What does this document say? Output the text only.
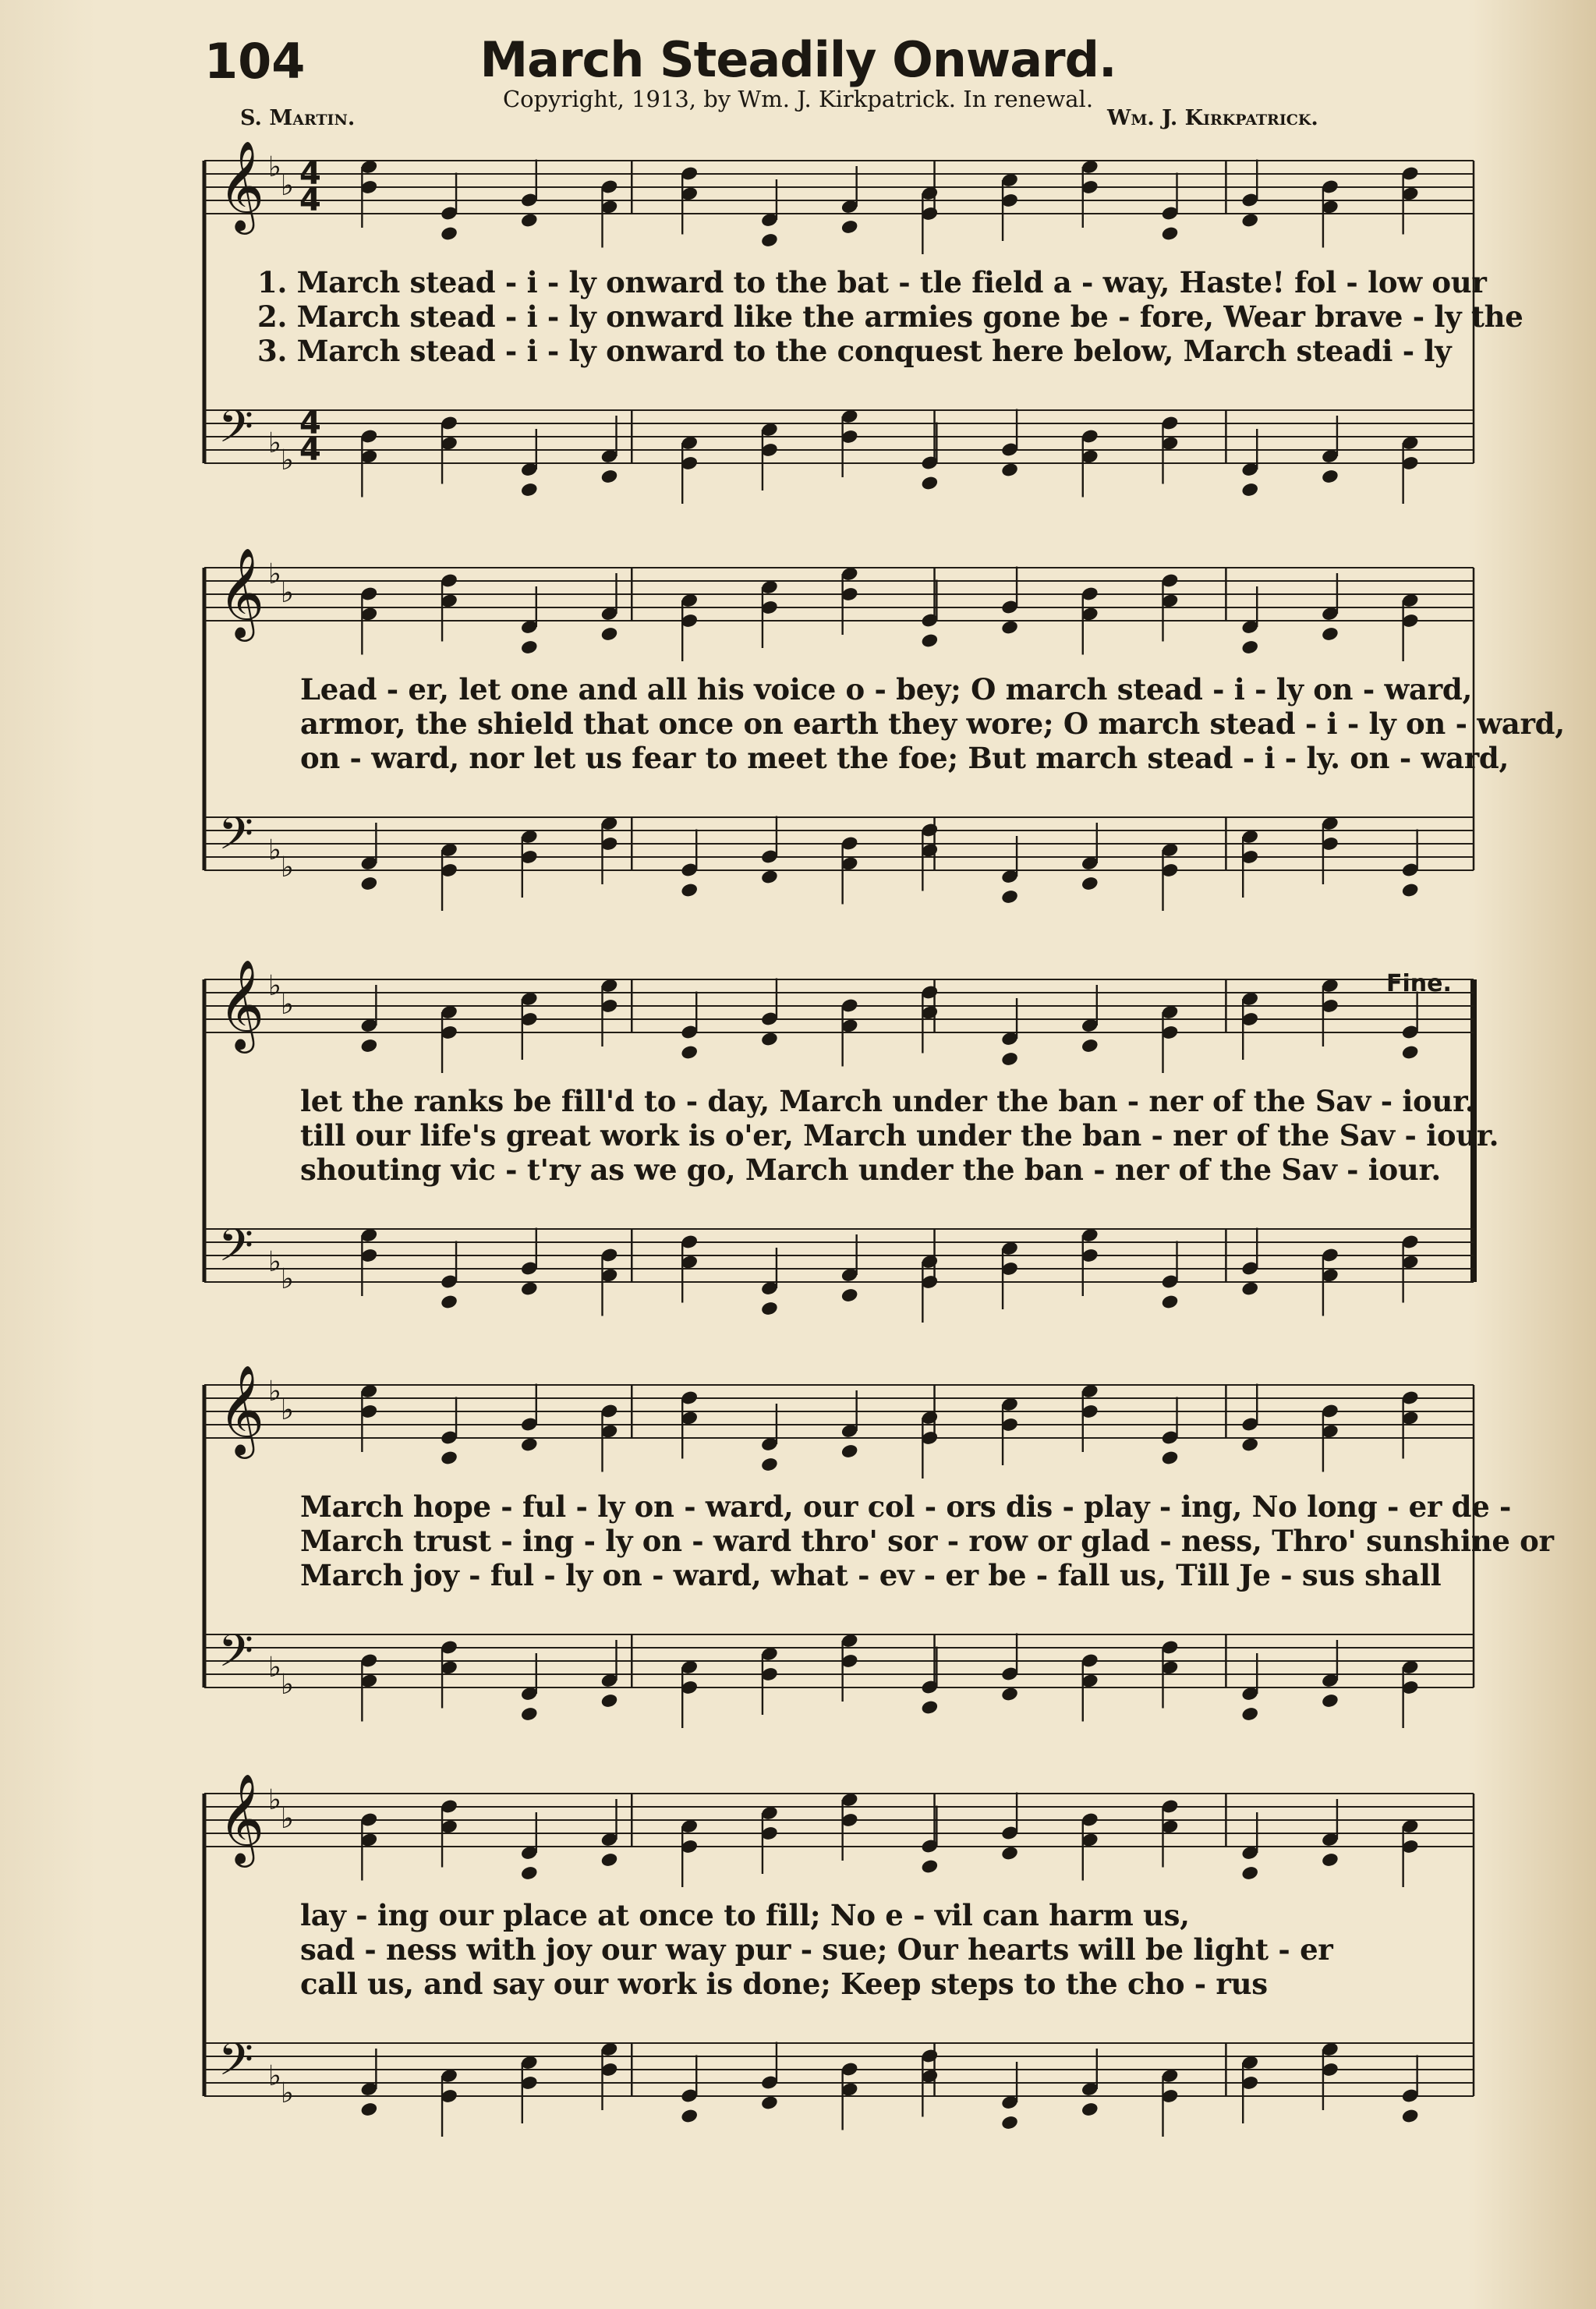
104	March Steadily Onward.
Copyright, 1913, by Wm. J. Kirkpatrick. In renewal.
S. Martin.	Wm. J. Kirkpatrick.
Fine.
𝄞 ♭
♭
𝄢 ♭
♭
4
4
4
4
1. March stead - i - ly onward to the bat - tle field a - way, Haste! fol - low our
2. March stead - i - ly onward like the armies gone be - fore, Wear brave - ly the
3. March stead - i - ly onward to the conquest here below, March steadi - ly
𝄞 ♭
♭
𝄢 ♭
♭
Lead - er, let one and all his voice o - bey; O march stead - i - ly on - ward,
armor, the shield that once on earth they wore; O march stead - i - ly on - ward,
on - ward, nor let us fear to meet the foe; But march stead - i - ly. on - ward,
𝄞 ♭
♭
𝄢 ♭
♭
let the ranks be fill'd to - day, March under the ban - ner of the Sav - iour.
till our life's great work is o'er, March under the ban - ner of the Sav - iour.
shouting vic - t'ry as we go, March under the ban - ner of the Sav - iour.
𝄞 ♭
♭
𝄢 ♭
♭
March hope - ful - ly on - ward, our col - ors dis - play - ing, No long - er de -
March trust - ing - ly on - ward thro' sor - row or glad - ness, Thro' sunshine or
March joy - ful - ly on - ward, what - ev - er be - fall us, Till Je - sus shall
𝄞 ♭
♭
𝄢 ♭
♭
lay - ing our place at once to fill; No e - vil can harm us,
sad - ness with joy our way pur - sue; Our hearts will be light - er
call us, and say our work is done; Keep steps to the cho - rus
